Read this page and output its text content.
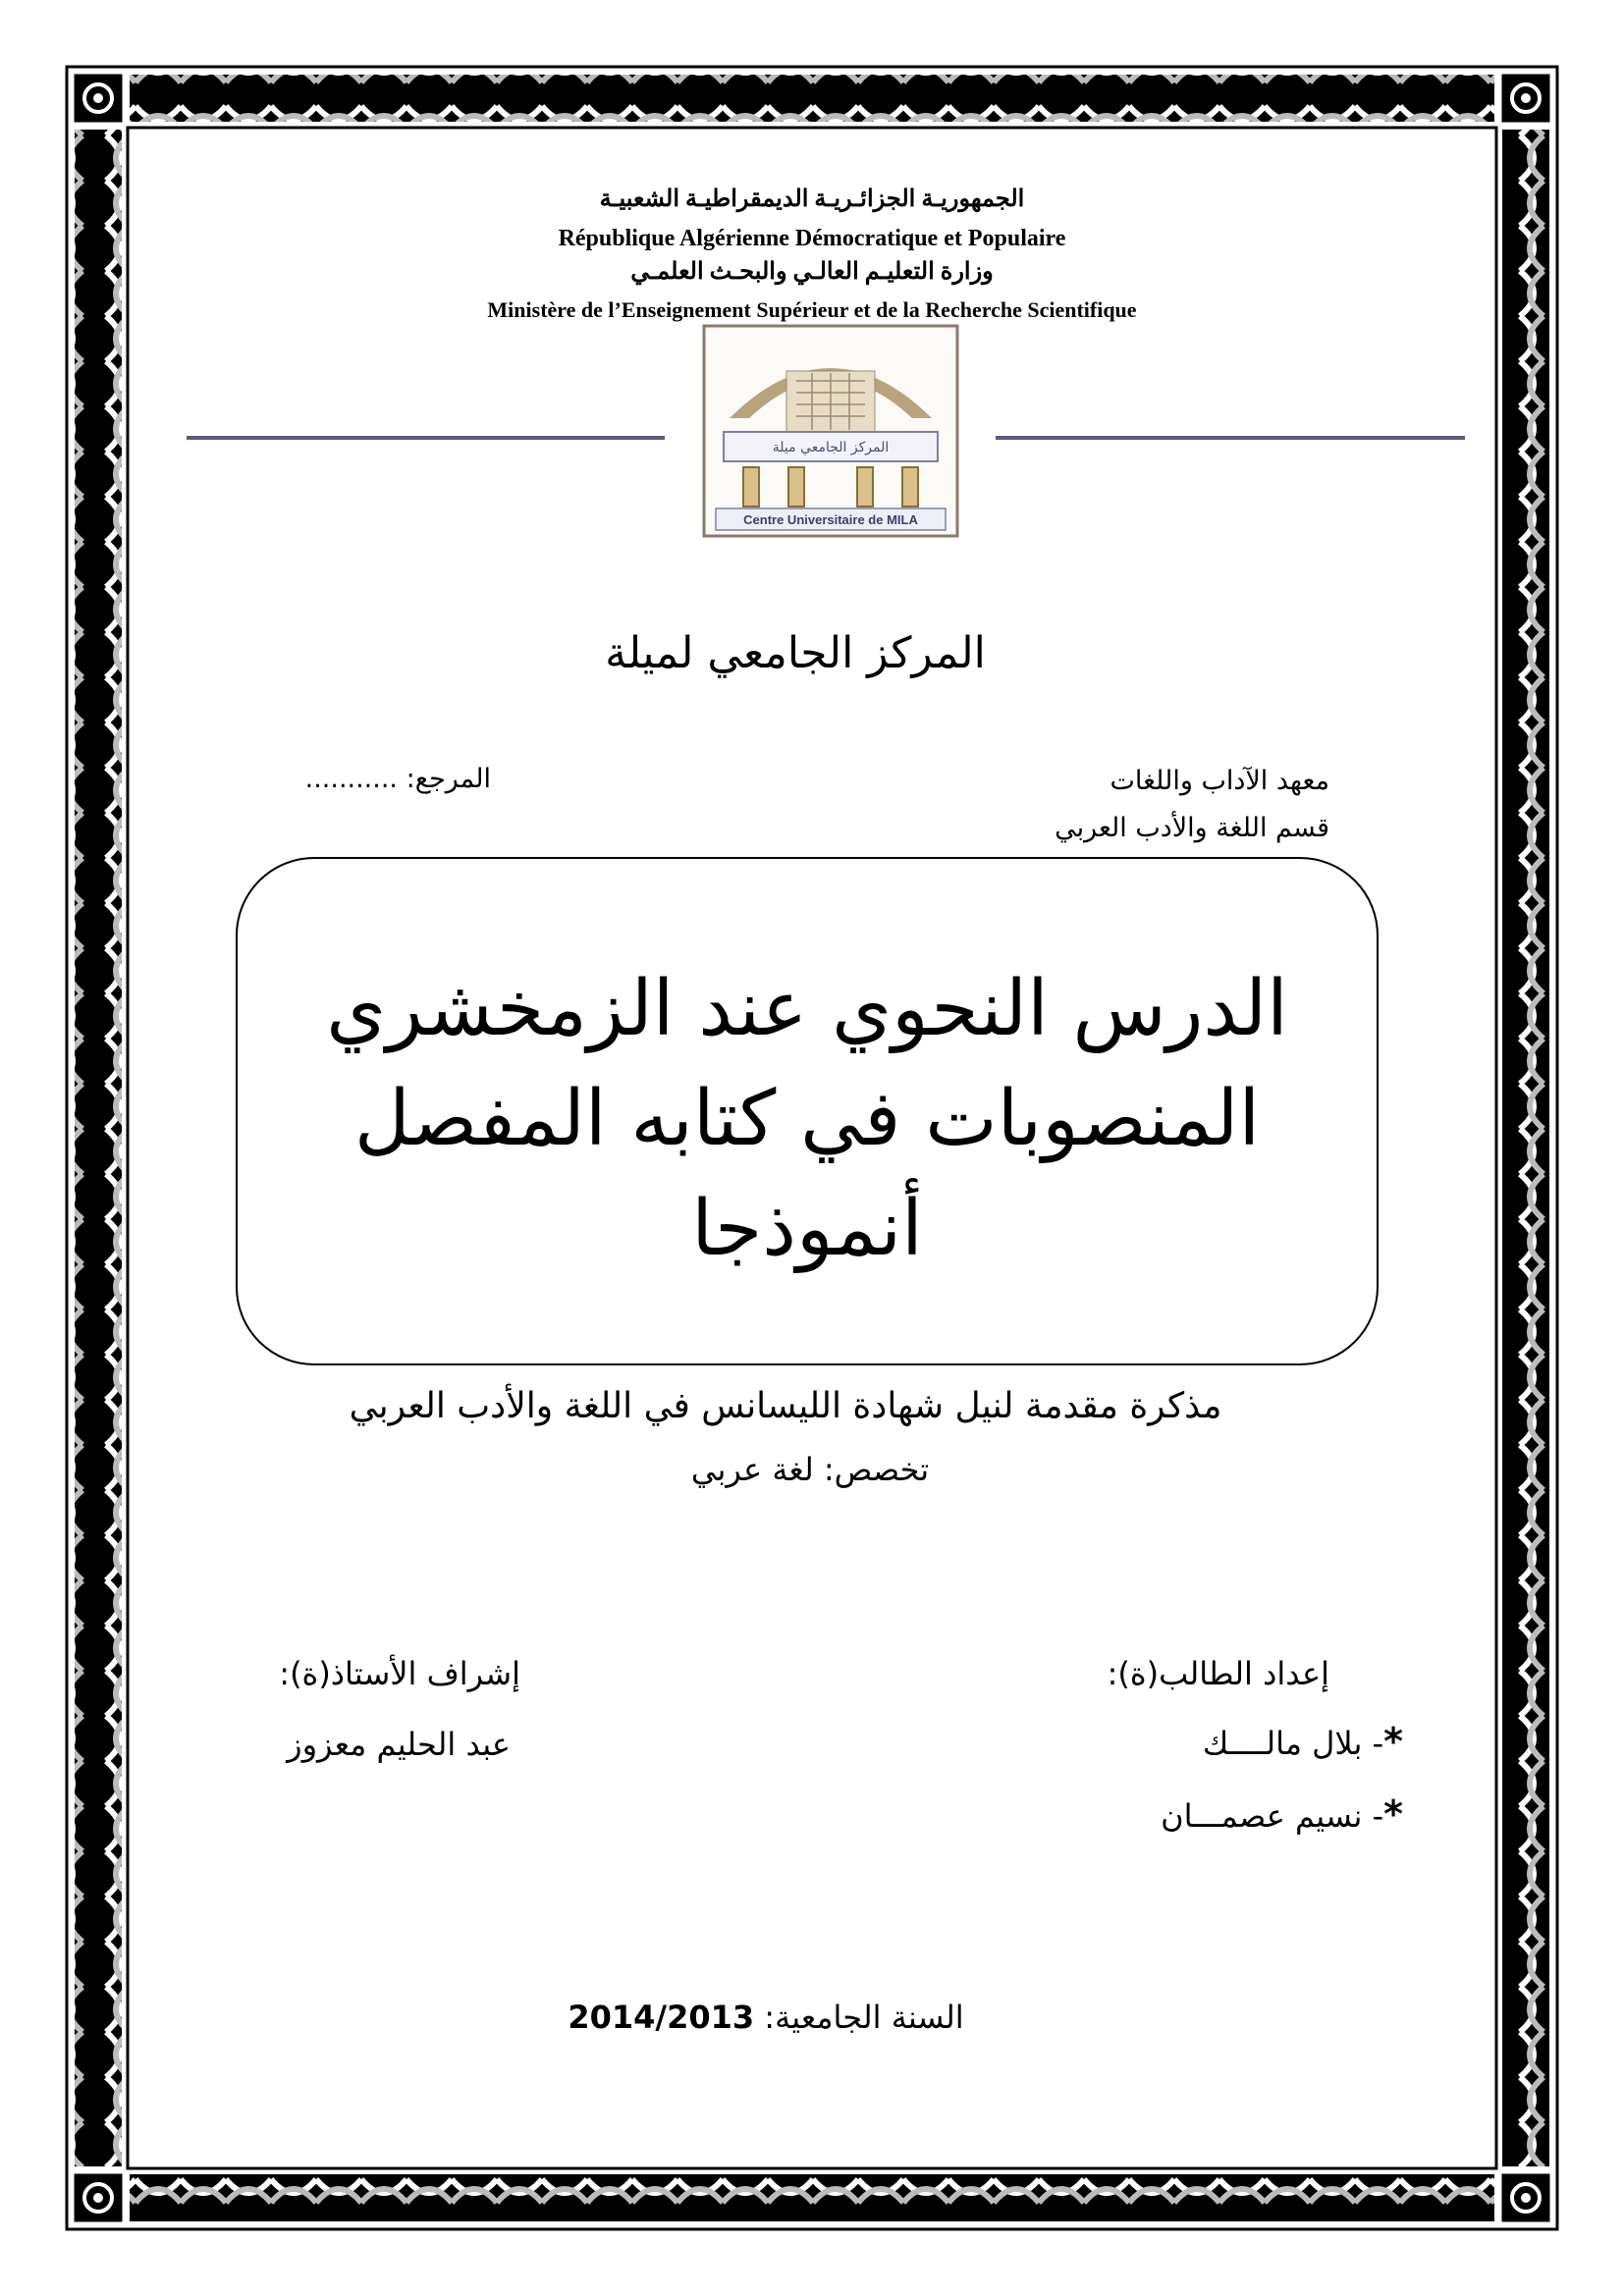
الجمهوريـة الجزائـريـة الديمقراطيـة الشعبيـة
République Algérienne Démocratique et Populaire
وزارة التعليـم العالـي والبحـث العلمـي
Ministère de l’Enseignement Supérieur et de la Recherche Scientifique
المركز الجامعي ميلة
Centre Universitaire de MILA
المركز الجامعي لميلة
معهد الآداب واللغات
قسم اللغة والأدب العربي
المرجع: ...........
الدرس النحوي عند الزمخشري
المنصوبات في كتابه المفصل
أنموذجا
مذكرة مقدمة لنيل شهادة الليسانس في اللغة والأدب العربي
تخصص: لغة عربي
إعداد الطالب(ة):
*- بلال مالــــك
*- نسيم عصمـــان
إشراف الأستاذ(ة):
عبد الحليم معزوز
السنة الجامعية: 2014/2013
